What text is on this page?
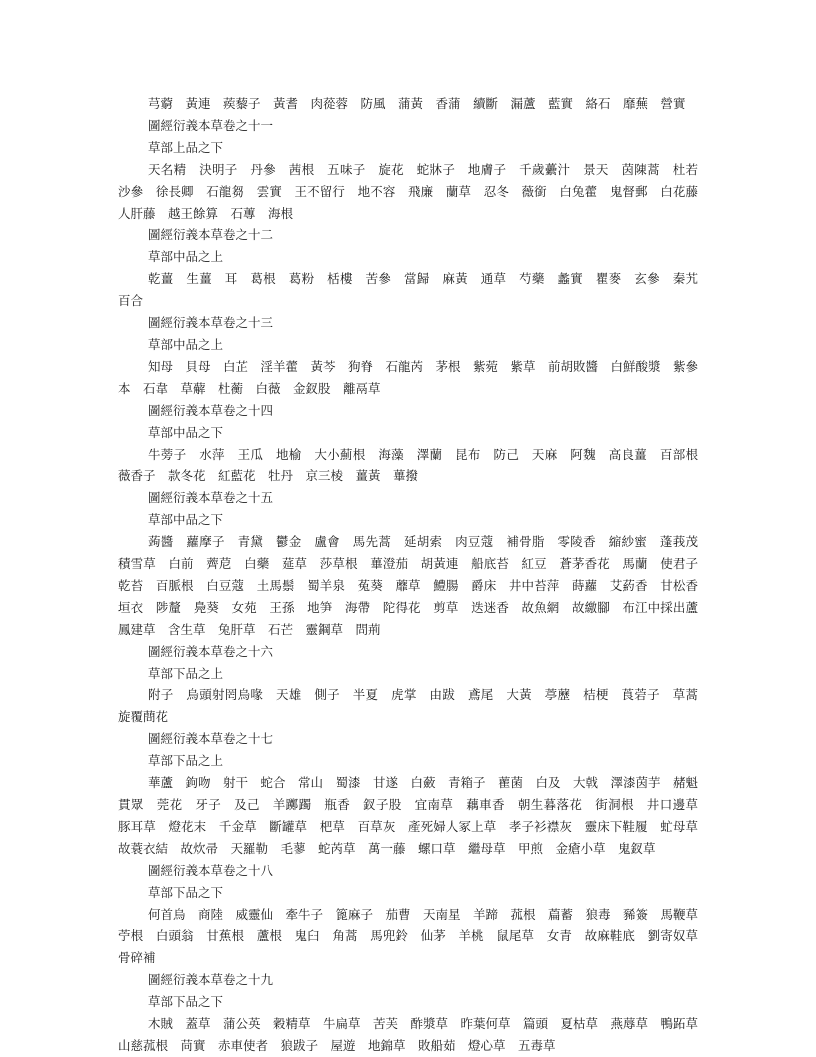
芎藭　黃連　蒺藜子　黃耆　肉蓯蓉　防風　蒲黃　香蒲　續斷　漏蘆　藍實　絡石　靡蕪　營實

圖經衍義本草卷之十一

草部上品之下

天名精　決明子　丹參　茜根　五味子　旋花　蛇牀子　地膚子　千歲虆汁　景天　茵陳蒿　杜若　沙參　徐長卿　石龍芻　雲實　王不留行　地不容　飛廉　蘭草　忍冬　薇銜　白兔藿　鬼督郵　白花藤　人肝藤　越王餘算　石蓴　海根

圖經衍義本草卷之十二

草部中品之上

乾薑　生薑　耳　葛根　葛粉　栝樓　苦參　當歸　麻黃　通草　芍藥　蠡實　瞿麥　玄參　秦艽　百合

圖經衍義本草卷之十三

草部中品之上

知母　貝母　白芷　淫羊藿　黃芩　狗脊　石龍芮　茅根　紫菀　紫草　前胡敗醬　白鮮酸漿　紫參　本　石韋　草薢　杜蘅　白薇　金釵股　離鬲草

圖經衍義本草卷之十四

草部中品之下

牛蒡子　水萍　王瓜　地榆　大小薊根　海藻　澤蘭　昆布　防己　天麻　阿魏　高良薑　百部根　薇香子　款冬花　紅藍花　牡丹　京三棱　薑黃　蓽撥

圖經衍義本草卷之十五

草部中品之下

蒟醬　蘿摩子　青黛　鬱金　盧會　馬先蒿　延胡索　肉豆蔻　補骨脂　零陵香　縮紗蜜　蓬莪茂　積雪草　白前　薺苨　白藥　莚草　莎草根　蓽澄茄　胡黃連　船底苔　紅豆　蒼茅香花　馬蘭　使君子　乾苔　百脈根　白豆蔻　土馬鬃　蜀羊泉　菟葵　蘼草　鱧腸　爵床　井中苔萍　蒔蘿　艾葯香　甘松香　垣衣　陟釐　鳧葵　女苑　王孫　地笋　海帶　陀得花　剪草　迭迷香　故魚網　故繳腳　布江中採出蘆　鳳建草　含生草　兔肝草　石芒　靈鋼草　問荊

圖經衍義本草卷之十六

草部下品之上

附子　烏頭射罔烏喙　天雄　側子　半夏　虎掌　由跋　鳶尾　大黃　葶藶　桔梗　莨菪子　草蒿　旋覆蔄花

圖經衍義本草卷之十七

草部下品之上

華蘆　鉤吻　射干　蛇合　常山　蜀漆　甘遂　白蘞　青箱子　雚菌　白及　大戟　澤漆茵芋　赭魁　貫眾　莞花　牙子　及己　羊躑躅　瓶香　釵子股　宜南草　藕車香　朝生暮落花　街洞根　井口邊草　豚耳草　燈花末　千金草　斷罐草　杷草　百草灰　產死婦人冢上草　孝子衫襟灰　靈床下鞋履　虻母草　故蓑衣結　故炊帚　天羅勒　毛蓼　蛇芮草　萬一藤　螺口草　繼母草　甲煎　金瘡小草　鬼釵草

圖經衍義本草卷之十八

草部下品之下

何首烏　商陸　威靈仙　牽牛子　篦麻子　茄曹　天南星　羊蹄　菰根　萹蓄　狼毒　豨簽　馬鞭草　苧根　白頭翁　甘蕉根　蘆根　鬼臼　角蒿　馬兜鈴　仙茅　羊桃　鼠尾草　女青　故麻鞋底　劉寄奴草　骨碎補

圖經衍義本草卷之十九

草部下品之下

木賊　蓋草　蒲公英　穀精草　牛扁草　苦芙　酢漿草　昨葉何草　篇頭　夏枯草　燕蓐草　鴨跖草　山慈菰根　苘實　赤車使者　狼跋子　屋遊　地錦草　敗船茹　燈心草　五毒草
